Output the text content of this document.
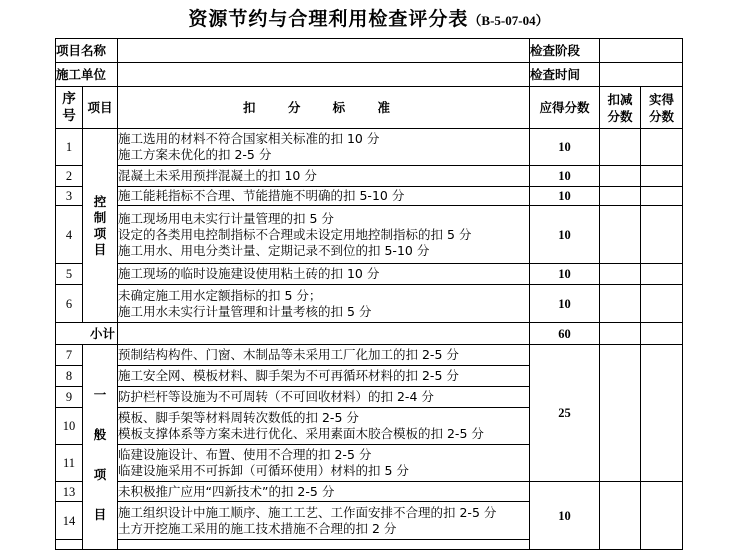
资源节约与合理利用检查评分表（B-5-07-04）
项目名称			检查阶段		
施工单位			检查时间		
序号	项目	扣 分 标 准	应得分数	扣减分数	实得分数
1	控制项目	施工选用的材料不符合国家相关标准的扣 10 分
施工方案未优化的扣 2-5 分	10		
2		混凝土未采用预拌混凝土的扣 10 分	10		
3		施工能耗指标不合理、节能措施不明确的扣 5-10 分	10		
4		施工现场用电未实行计量管理的扣 5 分
设定的各类用电控制指标不合理或未设定用地控制指标的扣 5 分
施工用水、用电分类计量、定期记录不到位的扣 5-10 分	10		
5		施工现场的临时设施建设使用粘土砖的扣 10 分	10		
6		未确定施工用水定额指标的扣 5 分；
施工用水未实行计量管理和计量考核的扣 5 分	10		
小计			60		
7	一般项目	预制结构构件、门窗、木制品等未采用工厂化加工的扣 2-5 分	25		
8		施工安全网、模板材料、脚手架为不可再循环材料的扣 2-5 分			

9		防护栏杆等设施为不可周转（不可回收材料）的扣 2-4 分			

10		模板、脚手架等材料周转次数低的扣 2-5 分
模板支撑体系等方案未进行优化、采用素面木胶合模板的扣 2-5 分			

11		临建设施设计、布置、使用不合理的扣 2-5 分
临建设施采用不可拆卸（可循环使用）材料的扣 5 分			

13		未积极推广应用“四新技术”的扣 2-5 分	10		
14		施工组织设计中施工顺序、施工工艺、工作面安排不合理的扣 2-5 分
土方开挖施工采用的施工技术措施不合理的扣 2 分			
